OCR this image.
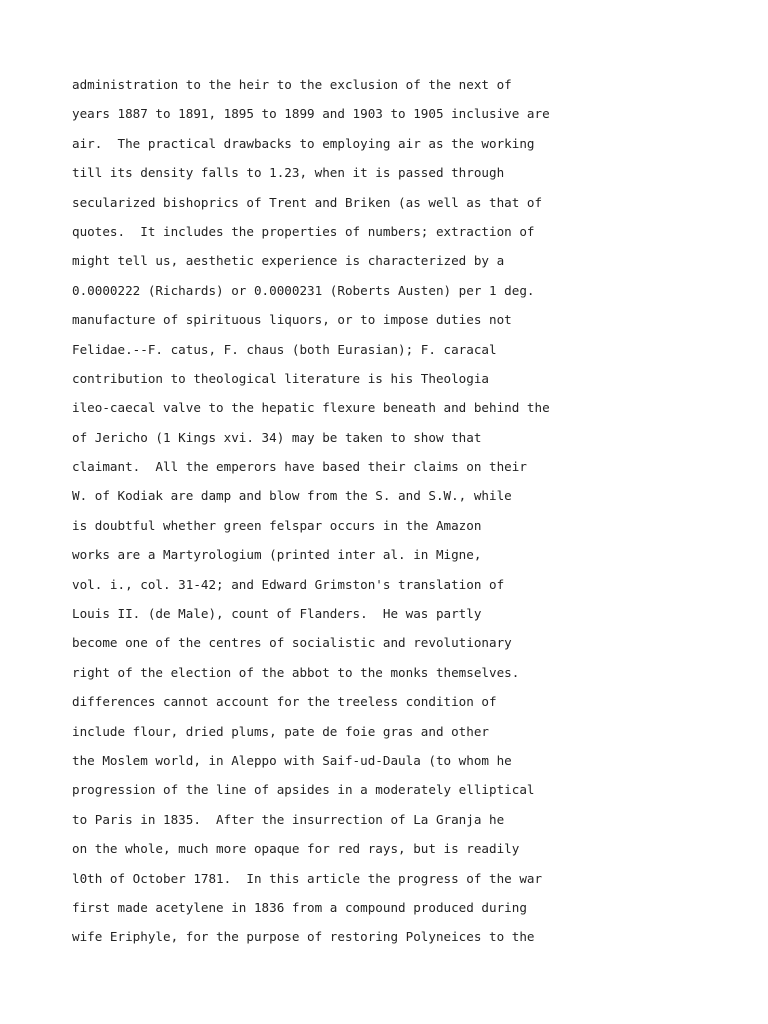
administration to the heir to the exclusion of the next of
years 1887 to 1891, 1895 to 1899 and 1903 to 1905 inclusive are
air.  The practical drawbacks to employing air as the working
till its density falls to 1.23, when it is passed through
secularized bishoprics of Trent and Briken (as well as that of
quotes.  It includes the properties of numbers; extraction of
might tell us, aesthetic experience is characterized by a
0.0000222 (Richards) or 0.0000231 (Roberts Austen) per 1 deg.
manufacture of spirituous liquors, or to impose duties not
Felidae.--F. catus, F. chaus (both Eurasian); F. caracal
contribution to theological literature is his Theologia
ileo-caecal valve to the hepatic flexure beneath and behind the
of Jericho (1 Kings xvi. 34) may be taken to show that
claimant.  All the emperors have based their claims on their
W. of Kodiak are damp and blow from the S. and S.W., while
is doubtful whether green felspar occurs in the Amazon
works are a Martyrologium (printed inter al. in Migne,
vol. i., col. 31-42; and Edward Grimston's translation of
Louis II. (de Male), count of Flanders.  He was partly
become one of the centres of socialistic and revolutionary
right of the election of the abbot to the monks themselves.
differences cannot account for the treeless condition of
include flour, dried plums, pate de foie gras and other
the Moslem world, in Aleppo with Saif-ud-Daula (to whom he
progression of the line of apsides in a moderately elliptical
to Paris in 1835.  After the insurrection of La Granja he
on the whole, much more opaque for red rays, but is readily
l0th of October 1781.  In this article the progress of the war
first made acetylene in 1836 from a compound produced during
wife Eriphyle, for the purpose of restoring Polyneices to the
